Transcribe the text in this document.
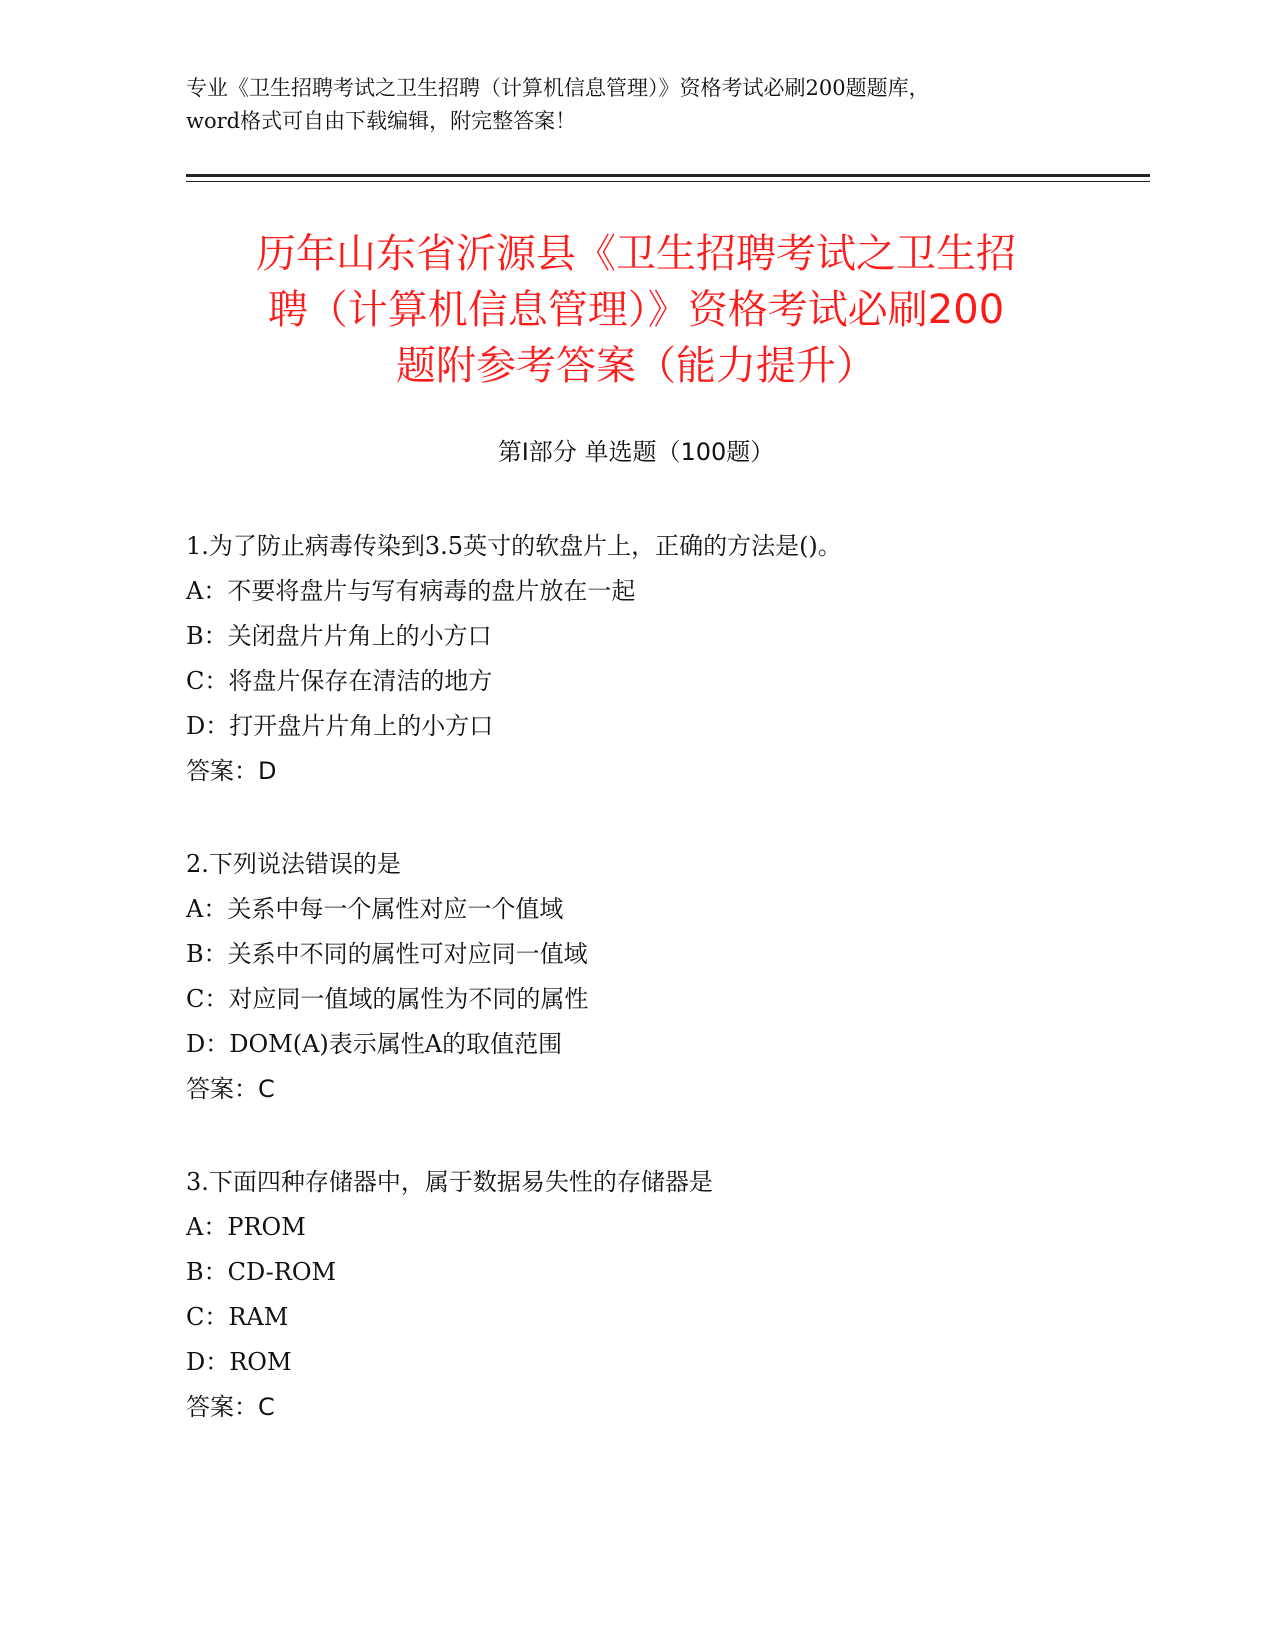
专业《卫生招聘考试之卫生招聘（计算机信息管理）》资格考试必刷200题题库，
word格式可自由下载编辑，附完整答案！
历年山东省沂源县《卫生招聘考试之卫生招
聘（计算机信息管理）》资格考试必刷200
题附参考答案（能力提升）
第Ⅰ部分 单选题（100题）
1.为了防止病毒传染到3.5英寸的软盘片上，正确的方法是()。
A：不要将盘片与写有病毒的盘片放在一起
B：关闭盘片片角上的小方口
C：将盘片保存在清洁的地方
D：打开盘片片角上的小方口
答案：D
2.下列说法错误的是
A：关系中每一个属性对应一个值域
B：关系中不同的属性可对应同一值域
C：对应同一值域的属性为不同的属性
D：DOM(A)表示属性A的取值范围
答案：C
3.下面四种存储器中，属于数据易失性的存储器是
A：PROM
B：CD-ROM
C：RAM
D：ROM
答案：C
